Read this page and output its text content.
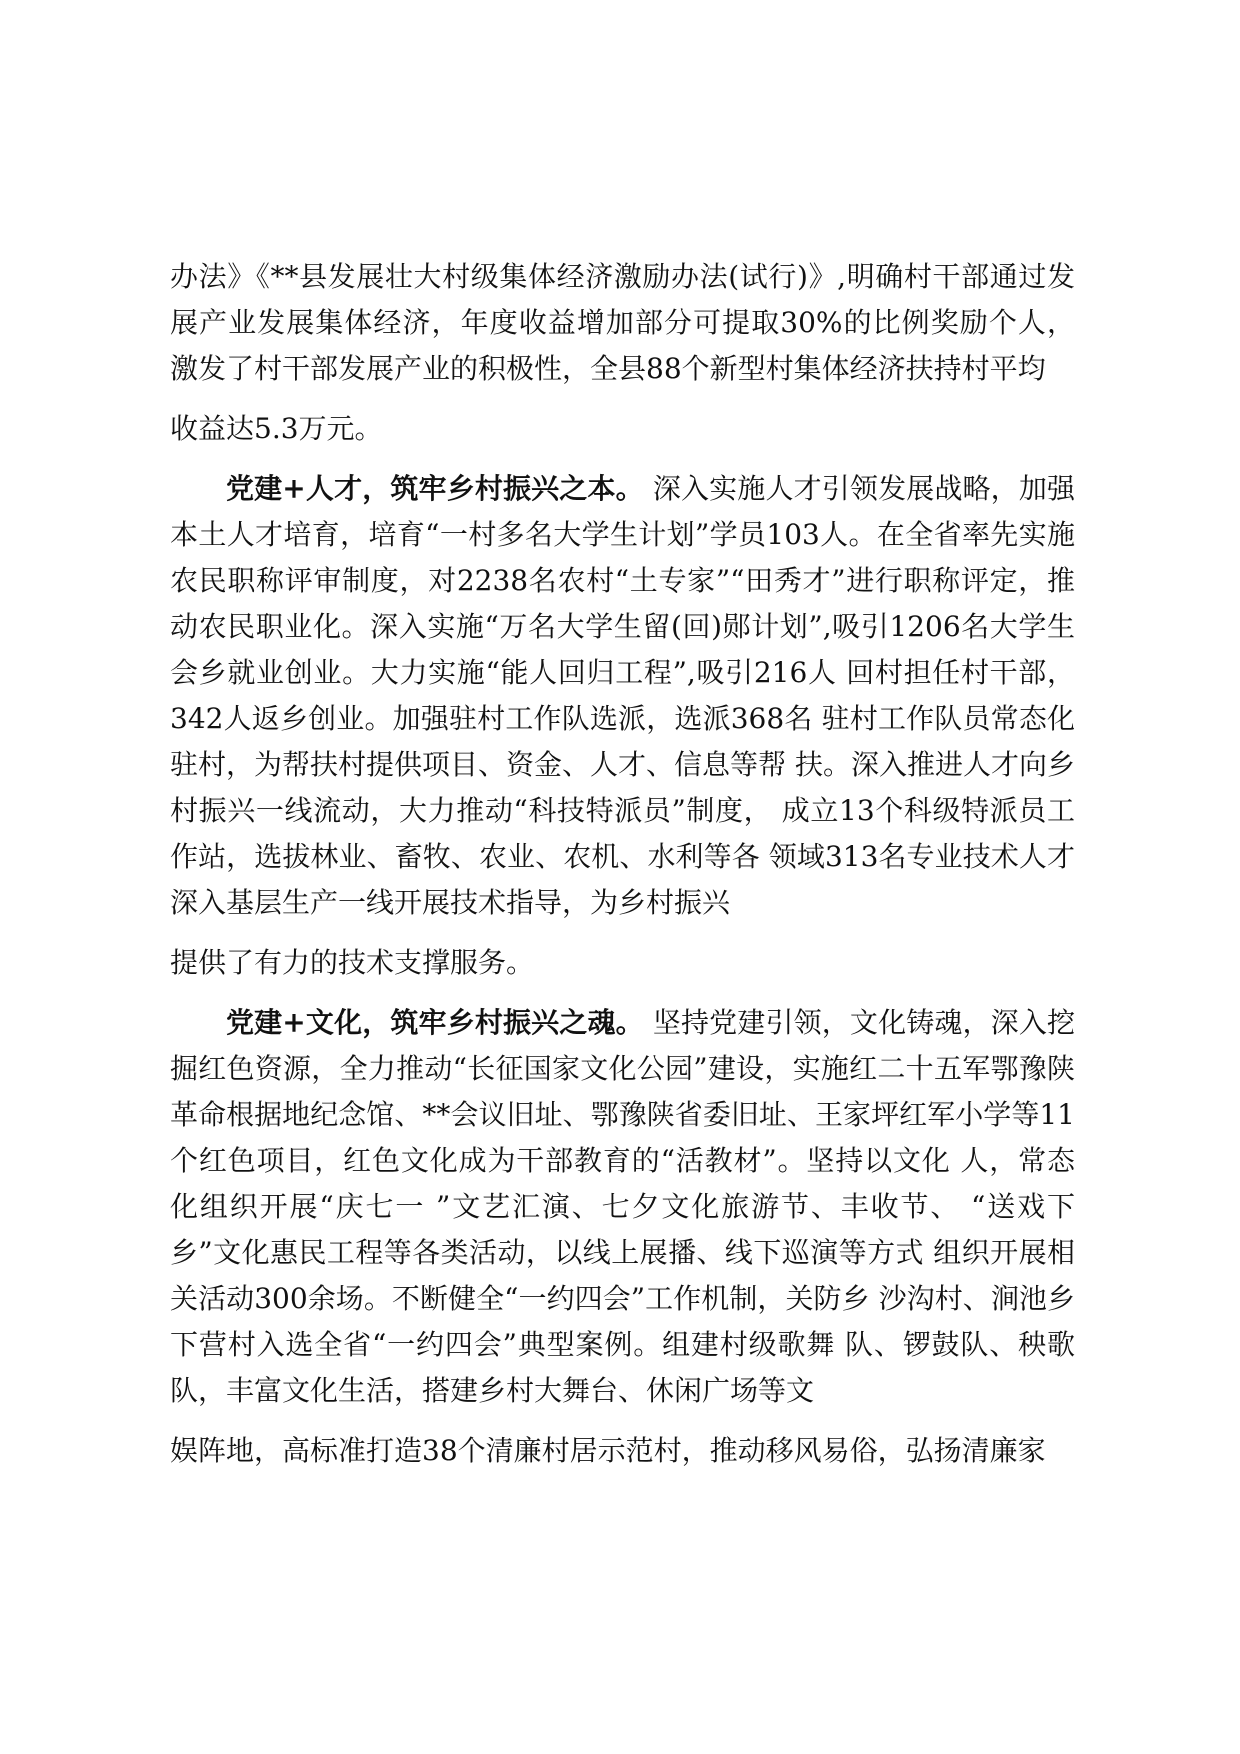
办法》《**县发展壮大村级集体经济激励办法(试行)》,明确村干部通过发展产业发展集体经济，年度收益增加部分可提取30%的比例奖励个人， 激发了村干部发展产业的积极性，全县88个新型村集体经济扶持村平均

收益达5.3万元。

党建+人才，筑牢乡村振兴之本。 深入实施人才引领发展战略，加强本土人才培育，培育“一村多名大学生计划”学员103人。在全省率先实施农民职称评审制度，对2238名农村“土专家”“田秀才”进行职称评定，推动农民职业化。深入实施“万名大学生留(回)郧计划”,吸引1206名大学生会乡就业创业。大力实施“能人回归工程”,吸引216人 回村担任村干部，342人返乡创业。加强驻村工作队选派，选派368名 驻村工作队员常态化驻村，为帮扶村提供项目、资金、人才、信息等帮 扶。深入推进人才向乡村振兴一线流动，大力推动“科技特派员”制度， 成立13个科级特派员工作站，选拔林业、畜牧、农业、农机、水利等各 领域313名专业技术人才深入基层生产一线开展技术指导，为乡村振兴

提供了有力的技术支撑服务。

党建+文化，筑牢乡村振兴之魂。 坚持党建引领，文化铸魂，深入挖掘红色资源，全力推动“长征国家文化公园”建设，实施红二十五军鄂豫陕革命根据地纪念馆、**会议旧址、鄂豫陕省委旧址、王家坪红军小学等11个红色项目，红色文化成为干部教育的“活教材”。坚持以文化 人，常态化组织开展“庆七一 ”文艺汇演、七夕文化旅游节、丰收节、 “送戏下乡”文化惠民工程等各类活动，以线上展播、线下巡演等方式 组织开展相关活动300余场。不断健全“一约四会”工作机制，关防乡 沙沟村、涧池乡下营村入选全省“一约四会”典型案例。组建村级歌舞 队、锣鼓队、秧歌队，丰富文化生活，搭建乡村大舞台、休闲广场等文

娱阵地，高标准打造38个清廉村居示范村，推动移风易俗，弘扬清廉家
